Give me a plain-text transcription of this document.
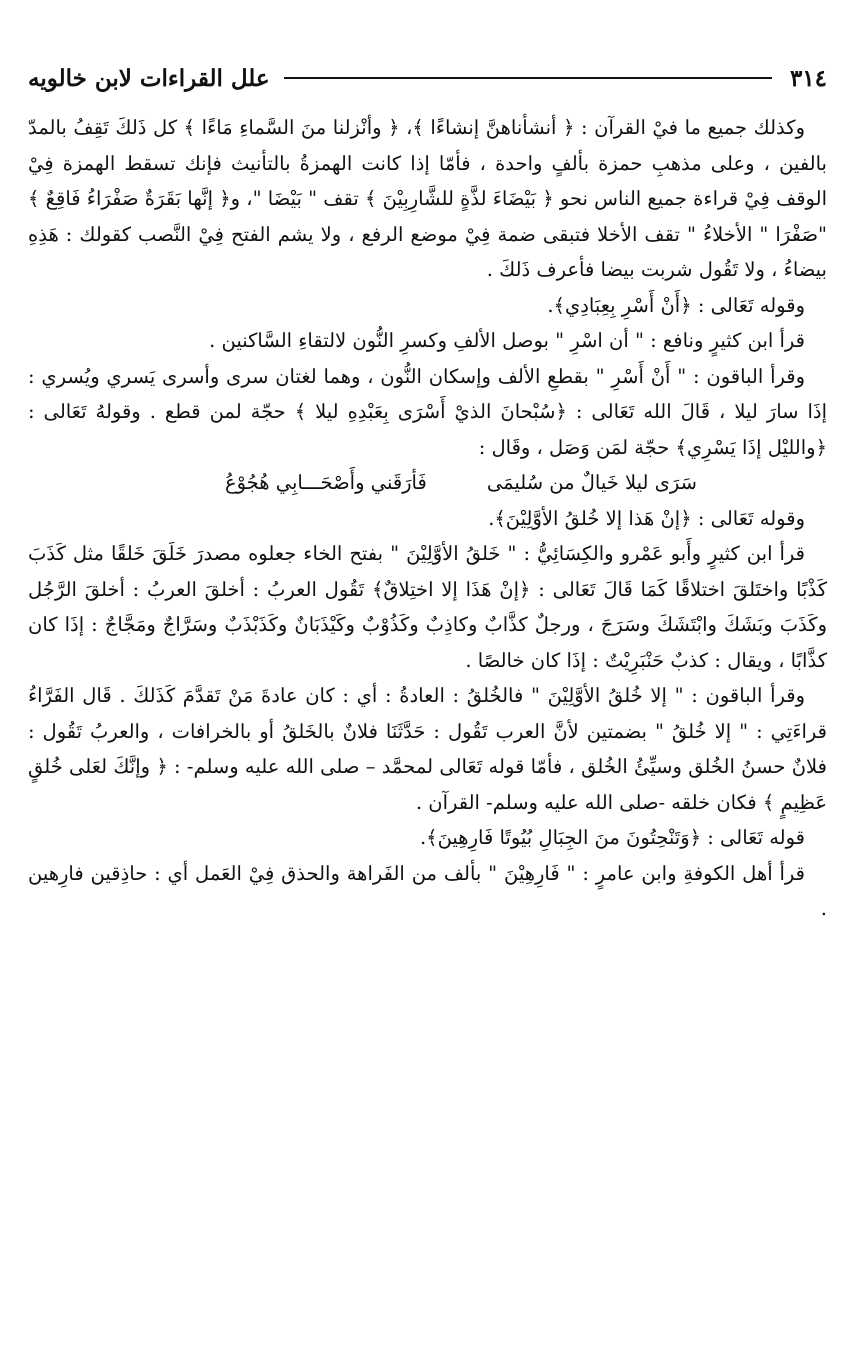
٣١٤
علل القراءات لابن خالويه

وكذلك جميع ما فيْ القرآن : ﴿ أنشأناهنَّ إنشاءًا ﴾، ﴿ وأنْزلنا منَ السَّماءِ مَاءًا ﴾ كل ذَلكَ تَقِفُ بالمدّ بالفين ، وعلى مذهبِ حمزة بألفٍ واحدة ، فأمّا إذا كانت الهمزةُ بالتأنيث فإنك تسقط الهمزة فِيْ الوقف فِيْ قراءة جميع الناس نحو ﴿ بَيْضَاءَ لذَّةٍ للشَّارِبِيْنَ ﴾ تقف " بَيْضَا "، و﴿ إنَّها بَقَرَةٌ صَفْرَاءُ فَاقِعٌ ﴾ "صَفْرَا " الأخلاءُ " تقف الأخلا فتبقى ضمة فِيْ موضع الرفع ، ولا يشم الفتح فِيْ النَّصب كقولك : هَذِهِ بيضاءُ ، ولا تَقُول شربت بيضا فأعرف ذَلكَ .

وقوله تَعَالى : ﴿أَنْ أَسْرِ بِعِبَادِي﴾.

قرأ ابن كثيرٍ ونافع : " أن اسْرِ " بوصل الألفِ وكسرِ النُّون لالتقاءِ السَّاكنين .

وقرأ الباقون : " أَنْ أَسْرِ " بقطعِ الألف وإسكان النُّون ، وهما لغتان سرى وأسرى يَسري ويُسري : إذَا سارَ ليلا ، قَالَ الله تَعَالى : ﴿سُبْحانَ الذيْ أَسْرَى بِعَبْدِهِ ليلا ﴾ حجّة لمن قطع . وقولهُ تَعَالى : ﴿والليْل إذَا يَسْرِي﴾ حجّة لمَن وَصَل ، وقَال :

سَرَى ليلا خَيالٌ من سُليمَى
فَأرَقَني وأَصْحَـــابِي هُجُوْعُ

وقوله تَعَالى : ﴿إنْ هَذا إلا خُلقُ الأوَّلِيْنَ﴾.

قرأ ابن كثيرٍ وأَبو عَمْرو والكِسَائِيُّ : " خَلقُ الأوَّلِيْنَ " بفتح الخاء جعلوه مصدرَ خَلَقَ خَلقًا مثل كَذَبَ كَذْبًا واختَلقَ اختلاقًا كَمَا قَالَ تَعَالى : ﴿إنْ هَذَا إلا اختِلاقٌ﴾ تَقُول العربُ : أخلقَ العربُ : أخلقَ الرَّجُل وكَذَبَ وبَشَكَ وابْتَشَكَ وسَرَجَ ، ورجلٌ كذَّابٌ وكاذِبٌ وكَذُوْبٌ وكَيْذَبَانٌ وكَذَبْذَبٌ وسَرَّاجٌ ومَجَّاجٌ : إذَا كان كذَّابًا ، ويقال : كذبٌ حَنْبَرِيْتٌ : إذَا كان خالصًا .

وقرأ الباقون : " إلا خُلقُ الأوَّلِيْنَ " فالخُلقُ : العادةُ : أي : كان عادةَ مَنْ تَقدَّمَ كَذَلكَ . قَال الفَرَّاءُ قراءَتِي : " إلا خُلقُ " بضمتين لأنَّ العرب تَقُول : حَدَّثَنَا فلانٌ بالخَلقُ أو بالخرافات ، والعربُ تَقُول : فلانٌ حسنُ الخُلق وسيِّئُ الخُلق ، فأمّا قوله تَعَالى لمحمَّد – صلى الله عليه وسلم- : ﴿ وإنَّكَ لعَلى خُلقٍ عَظِيمٍ ﴾ فكان خلقه -صلى الله عليه وسلم- القرآن .

قوله تَعَالى : ﴿وَتَنْحِتُونَ منَ الجِبَالِ بُيُوتًا فَارِهِينَ﴾.

قرأ أهل الكوفةِ وابن عامرٍ : " فَارِهِيْنَ " بألف من الفَراهة والحذق فِيْ العَمل أي : حاذِقين فارِهين .
